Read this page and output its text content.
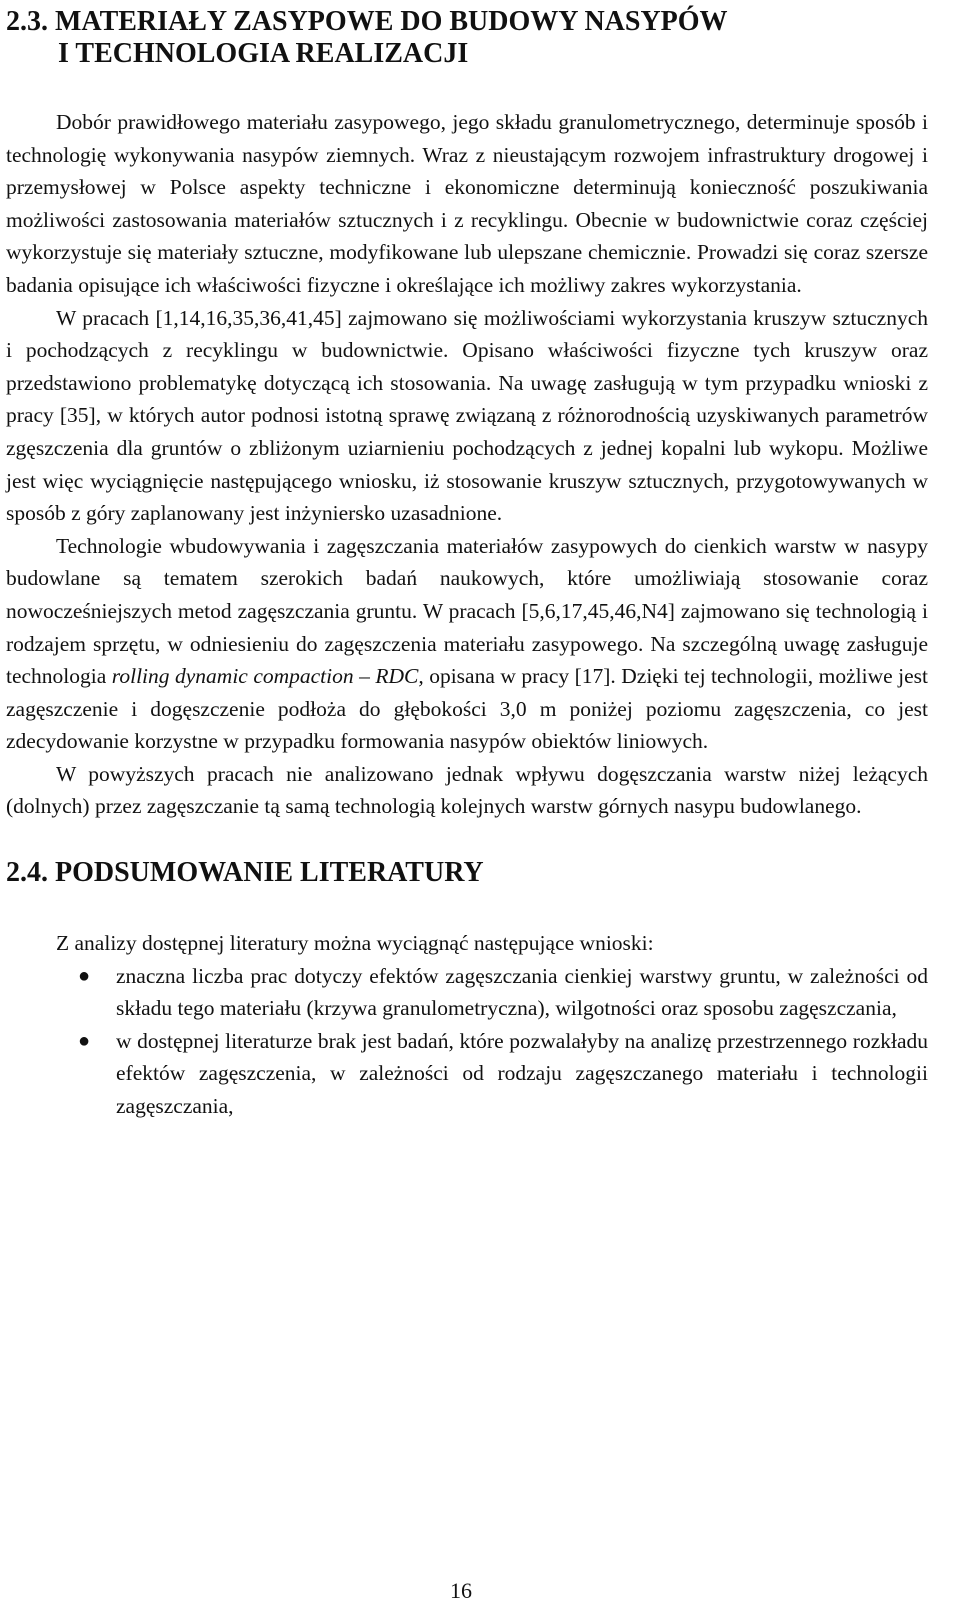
2.3. MATERIAŁY ZASYPOWE DO BUDOWY NASYPÓW
I TECHNOLOGIA REALIZACJI

Dobór prawidłowego materiału zasypowego, jego składu granulometrycznego, determinuje sposób i technologię wykonywania nasypów ziemnych. Wraz z nieustającym rozwojem infrastruktury drogowej i przemysłowej w Polsce aspekty techniczne i ekonomiczne determinują konieczność poszukiwania możliwości zastosowania materiałów sztucznych i z recyklingu. Obecnie w budownictwie coraz częściej wykorzystuje się materiały sztuczne, modyfikowane lub ulepszane chemicznie. Prowadzi się coraz szersze badania opisujące ich właściwości fizyczne i określające ich możliwy zakres wykorzystania.

W pracach [1,14,16,35,36,41,45] zajmowano się możliwościami wykorzystania kruszyw sztucznych i pochodzących z recyklingu w budownictwie. Opisano właściwości fizyczne tych kruszyw oraz przedstawiono problematykę dotyczącą ich stosowania. Na uwagę zasługują w tym przypadku wnioski z pracy [35], w których autor podnosi istotną sprawę związaną z różnorodnością uzyskiwanych parametrów zgęszczenia dla gruntów o zbliżonym uziarnieniu pochodzących z jednej kopalni lub wykopu. Możliwe jest więc wyciągnięcie następującego wniosku, iż stosowanie kruszyw sztucznych, przygotowywanych w sposób z góry zaplanowany jest inżyniersko uzasadnione.

Technologie wbudowywania i zagęszczania materiałów zasypowych do cienkich warstw w nasypy budowlane są tematem szerokich badań naukowych, które umożliwiają stosowanie coraz nowocześniejszych metod zagęszczania gruntu. W pracach [5,6,17,45,46,N4] zajmowano się technologią i rodzajem sprzętu, w odniesieniu do zagęszczenia materiału zasypowego. Na szczególną uwagę zasługuje technologia rolling dynamic compaction – RDC, opisana w pracy [17]. Dzięki tej technologii, możliwe jest zagęszczenie i dogęszczenie podłoża do głębokości 3,0 m poniżej poziomu zagęszczenia, co jest zdecydowanie korzystne w przypadku formowania nasypów obiektów liniowych.

W powyższych pracach nie analizowano jednak wpływu dogęszczania warstw niżej leżących (dolnych) przez zagęszczanie tą samą technologią kolejnych warstw górnych nasypu budowlanego.

2.4. PODSUMOWANIE LITERATURY

Z analizy dostępnej literatury można wyciągnąć następujące wnioski:

● znaczna liczba prac dotyczy efektów zagęszczania cienkiej warstwy gruntu, w zależności od składu tego materiału (krzywa granulometryczna), wilgotności oraz sposobu zagęszczania,
● w dostępnej literaturze brak jest badań, które pozwalałyby na analizę przestrzennego rozkładu efektów zagęszczenia, w zależności od rodzaju zagęszczanego materiału i technologii zagęszczania,
16
